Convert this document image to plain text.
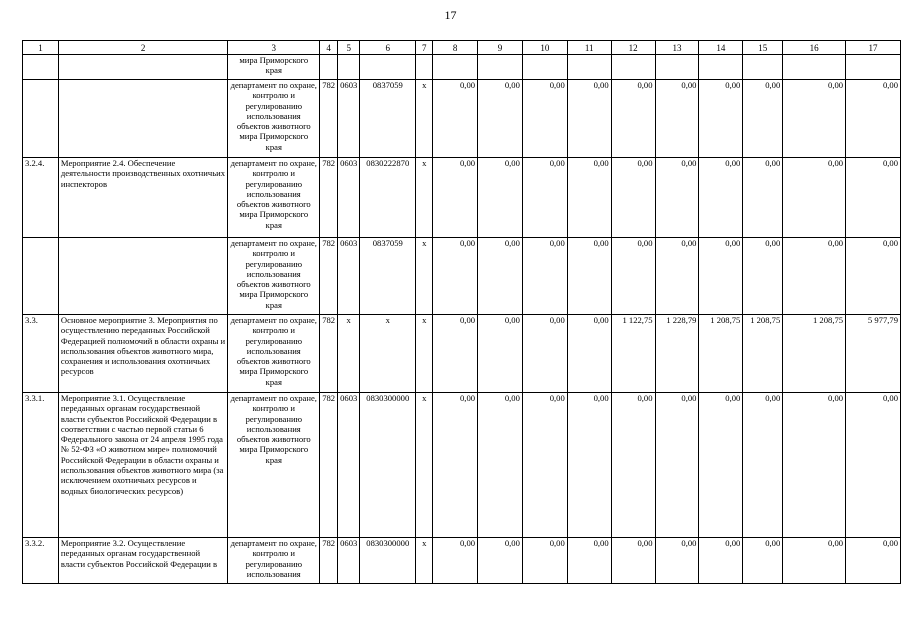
17
1	2	3	4	5	6	7	8	9	10	11	12	13	14	15	16	17
		мира Приморского края														
		департамент по охране, контролю и регулированию использования объектов животного мира Приморского края	782	0603	0837059	x	0,00	0,00	0,00	0,00	0,00	0,00	0,00	0,00	0,00	0,00
3.2.4.	Мероприятие 2.4. Обеспечение деятельности производственных охотничьих инспекторов	департамент по охране, контролю и регулированию использования объектов животного мира Приморского края	782	0603	0830222870	x	0,00	0,00	0,00	0,00	0,00	0,00	0,00	0,00	0,00	0,00
		департамент по охране, контролю и регулированию использования объектов животного мира Приморского края	782	0603	0837059	x	0,00	0,00	0,00	0,00	0,00	0,00	0,00	0,00	0,00	0,00
3.3.	Основное мероприятие 3. Мероприятия по осуществлению переданных Российской Федерацией полномочий в области охраны и использования объектов животного мира, сохранения и использования охотничьих ресурсов	департамент по охране, контролю и регулированию использования объектов животного мира Приморского края	782	x	x	x	0,00	0,00	0,00	0,00	1 122,75	1 228,79	1 208,75	1 208,75	1 208,75	5 977,79
3.3.1.	Мероприятие 3.1. Осуществление переданных органам государственной власти субъектов Российской Федерации в соответствии с частью первой статьи 6 Федерального закона от 24 апреля 1995 года № 52-ФЗ «О животном мире» полномочий Российской Федерации в области охраны и использования объектов животного мира (за исключением охотничьих ресурсов и водных биологических ресурсов)	департамент по охране, контролю и регулированию использования объектов животного мира Приморского края	782	0603	0830300000	x	0,00	0,00	0,00	0,00	0,00	0,00	0,00	0,00	0,00	0,00
3.3.2.	Мероприятие 3.2. Осуществление переданных органам государственной власти субъектов Российской Федерации в	департамент по охране, контролю и регулированию использования	782	0603	0830300000	x	0,00	0,00	0,00	0,00	0,00	0,00	0,00	0,00	0,00	0,00
